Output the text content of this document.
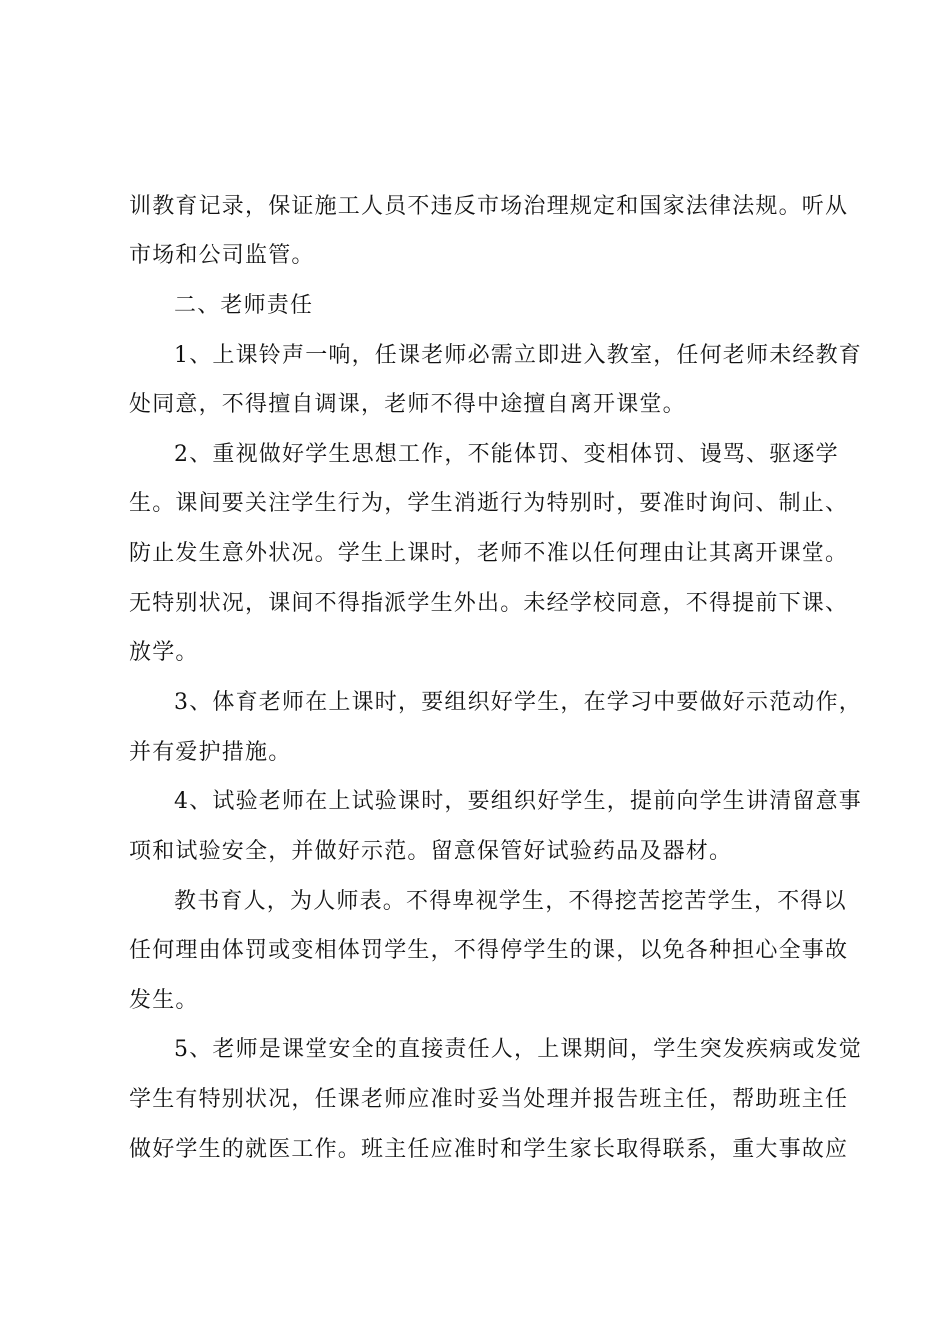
训教育记录，保证施工人员不违反市场治理规定和国家法律法规。听从
市场和公司监管。
二、老师责任
1、上课铃声一响，任课老师必需立即进入教室，任何老师未经教育
处同意，不得擅自调课，老师不得中途擅自离开课堂。
2、重视做好学生思想工作，不能体罚、变相体罚、谩骂、驱逐学
生。课间要关注学生行为，学生消逝行为特别时，要准时询问、制止、
防止发生意外状况。学生上课时，老师不准以任何理由让其离开课堂。
无特别状况，课间不得指派学生外出。未经学校同意，不得提前下课、
放学。
3、体育老师在上课时，要组织好学生，在学习中要做好示范动作，
并有爱护措施。
4、试验老师在上试验课时，要组织好学生，提前向学生讲清留意事
项和试验安全，并做好示范。留意保管好试验药品及器材。
教书育人，为人师表。不得卑视学生，不得挖苦挖苦学生，不得以
任何理由体罚或变相体罚学生，不得停学生的课，以免各种担心全事故
发生。
5、老师是课堂安全的直接责任人，上课期间，学生突发疾病或发觉
学生有特别状况，任课老师应准时妥当处理并报告班主任，帮助班主任
做好学生的就医工作。班主任应准时和学生家长取得联系，重大事故应
